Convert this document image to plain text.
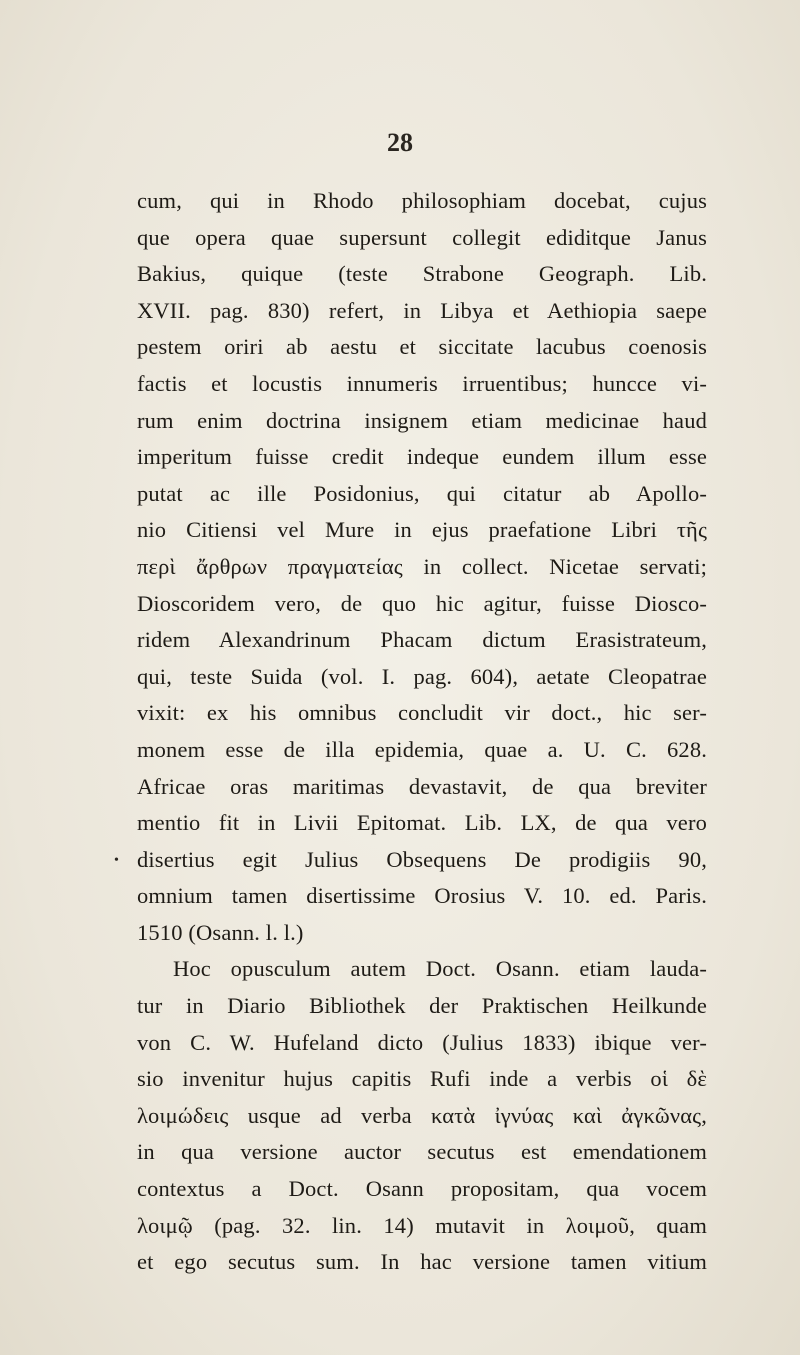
28
•
cum, qui in Rhodo philosophiam docebat, cujus
que opera quae supersunt collegit ediditque Janus
Bakius, quique (teste Strabone Geograph. Lib.
XVII. pag. 830) refert, in Libya et Aethiopia saepe
pestem oriri ab aestu et siccitate lacubus coenosis
factis et locustis innumeris irruentibus; huncce vi-
rum enim doctrina insignem etiam medicinae haud
imperitum fuisse credit indeque eundem illum esse
putat ac ille Posidonius, qui citatur ab Apollo-
nio Citiensi vel Mure in ejus praefatione Libri τῆς
περὶ ἄρθρων πραγματείας in collect. Nicetae servati;
Dioscoridem vero, de quo hic agitur, fuisse Diosco-
ridem Alexandrinum Phacam dictum Erasistrateum,
qui, teste Suida (vol. I. pag. 604), aetate Cleopatrae
vixit: ex his omnibus concludit vir doct., hic ser-
monem esse de illa epidemia, quae a. U. C. 628.
Africae oras maritimas devastavit, de qua breviter
mentio fit in Livii Epitomat. Lib. LX, de qua vero
disertius egit Julius Obsequens De prodigiis 90,
omnium tamen disertissime Orosius V. 10. ed. Paris.
1510 (Osann. l. l.)
Hoc opusculum autem Doct. Osann. etiam lauda-
tur in Diario Bibliothek der Praktischen Heilkunde
von C. W. Hufeland dicto (Julius 1833) ibique ver-
sio invenitur hujus capitis Rufi inde a verbis οἱ δὲ
λοιμώδεις usque ad verba κατὰ ἰγνύας καὶ ἀγκῶνας,
in qua versione auctor secutus est emendationem
contextus a Doct. Osann propositam, qua vocem
λοιμῷ (pag. 32. lin. 14) mutavit in λοιμοῦ, quam
et ego secutus sum. In hac versione tamen vitium
